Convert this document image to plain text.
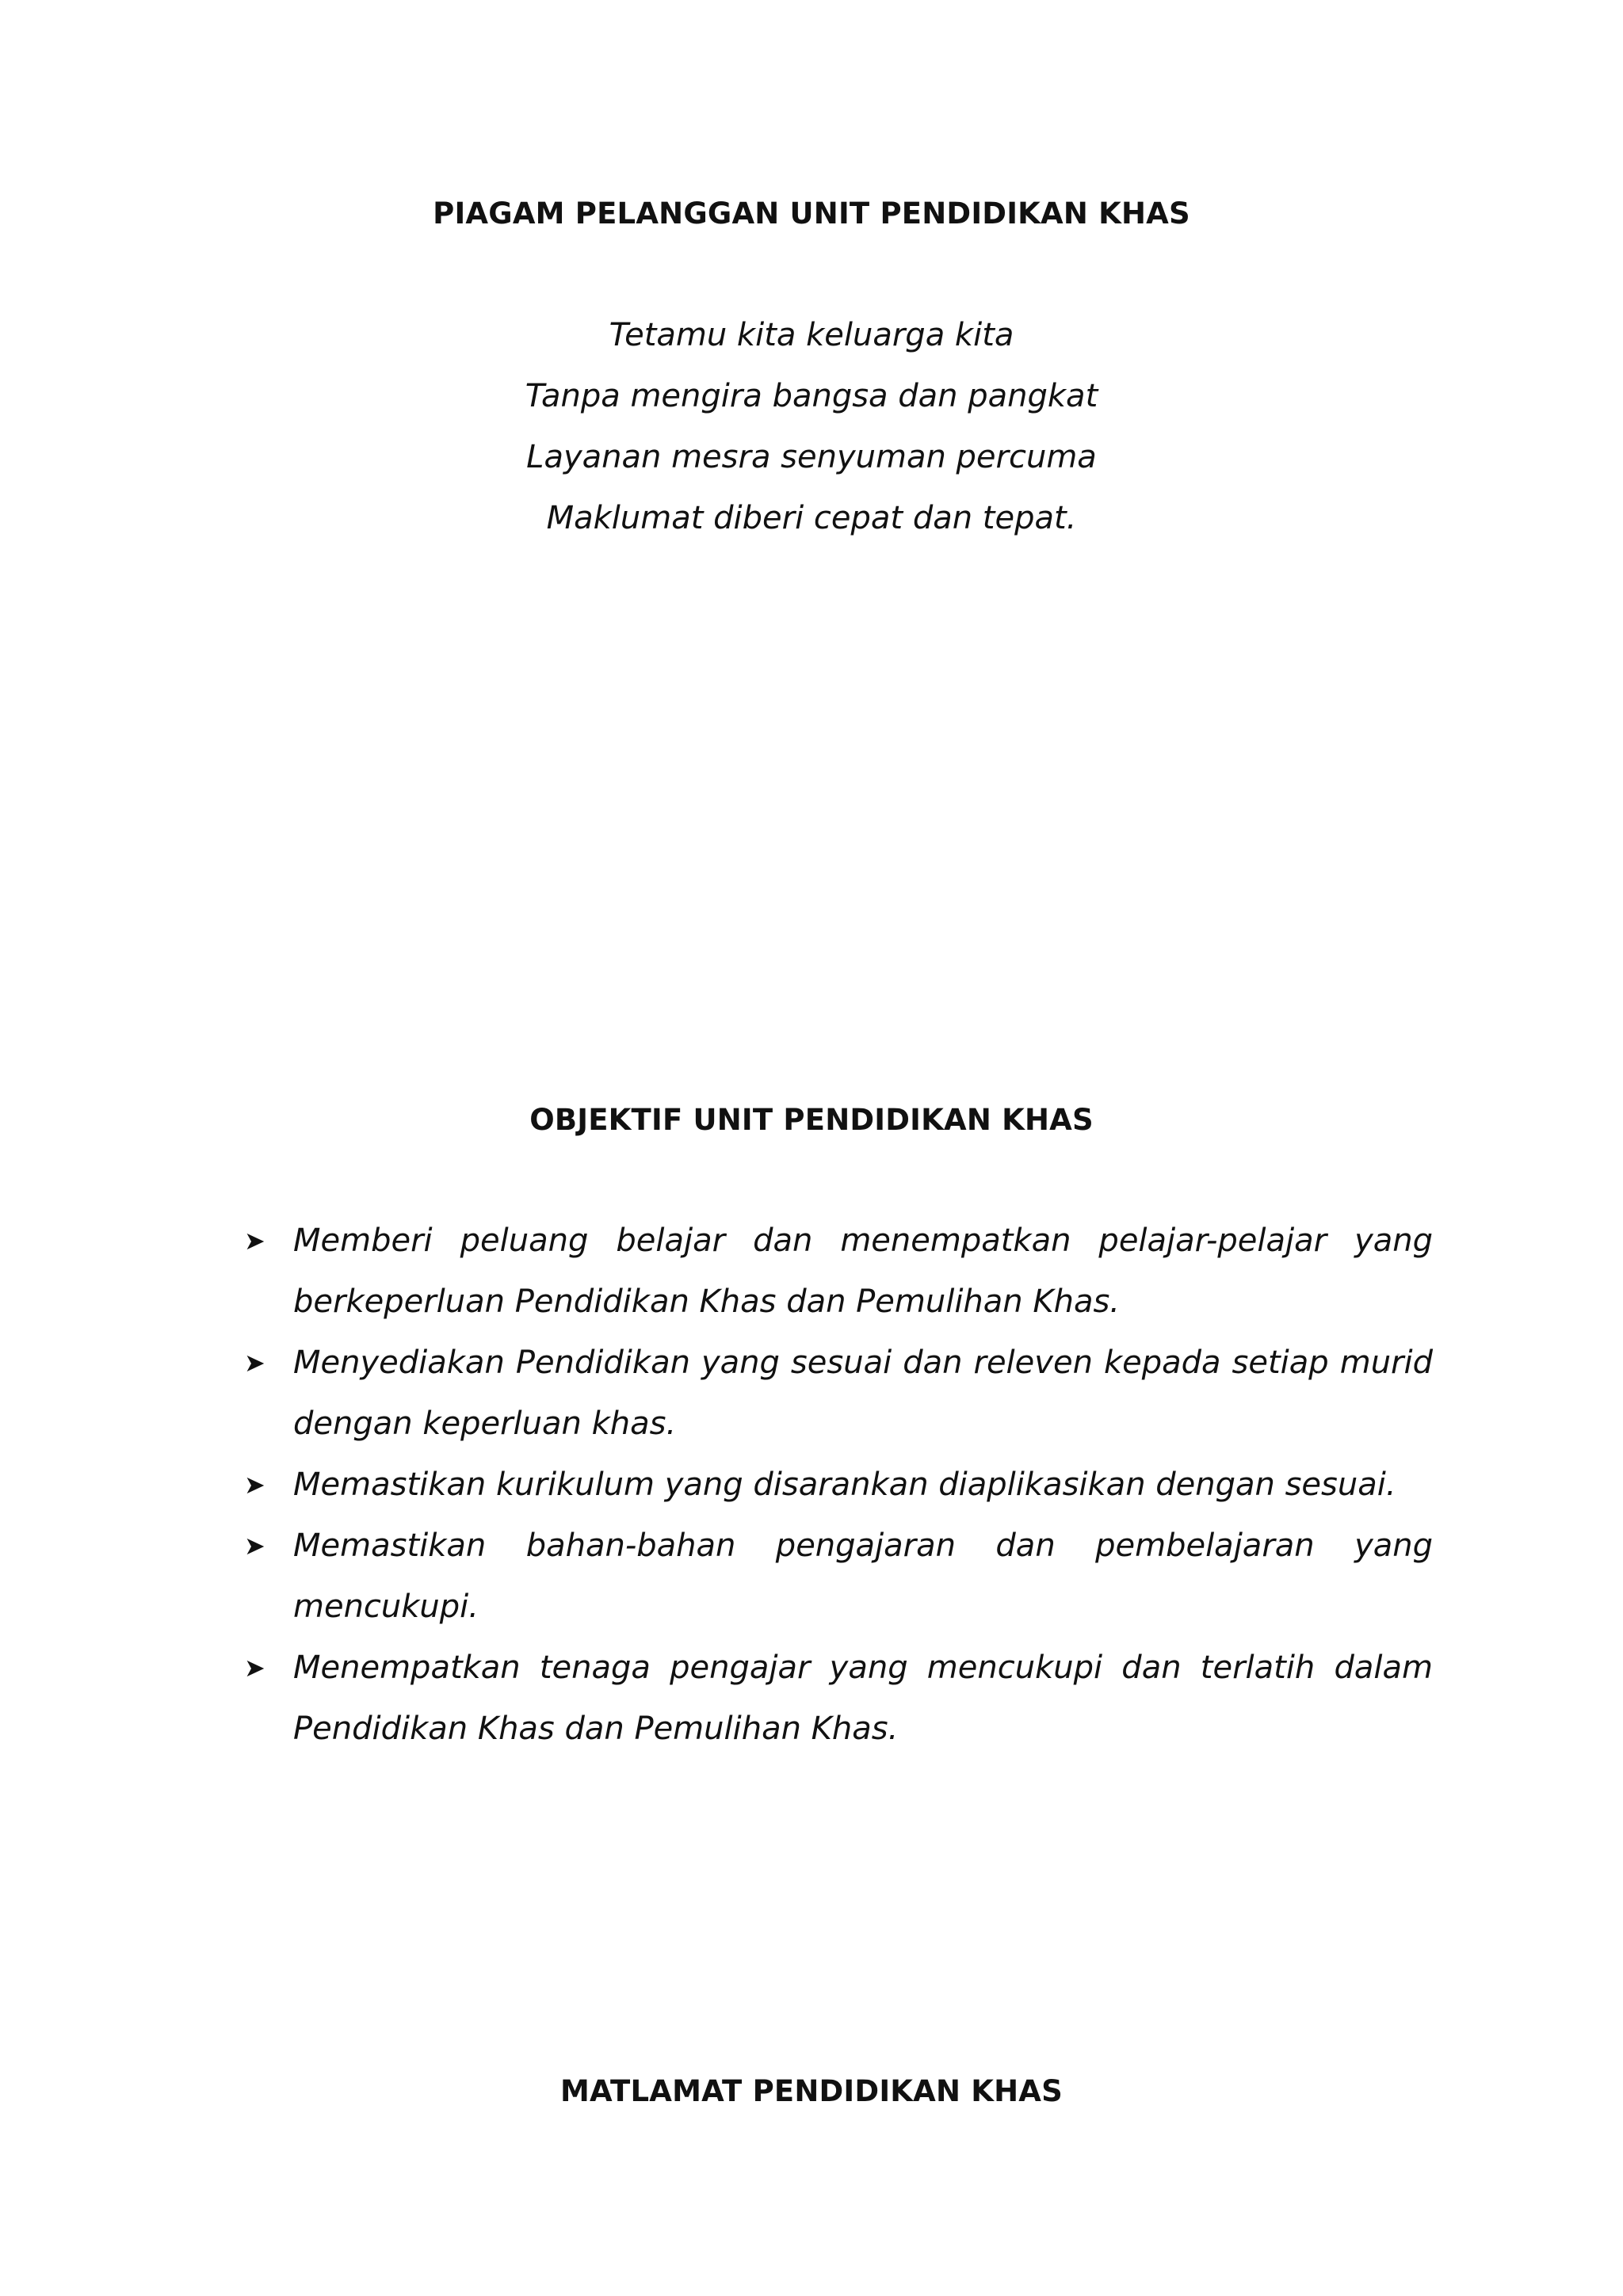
PIAGAM PELANGGAN UNIT PENDIDIKAN KHAS
Tetamu kita keluarga kita
Tanpa mengira bangsa dan pangkat
Layanan mesra senyuman percuma
Maklumat diberi cepat dan tepat.
OBJEKTIF UNIT PENDIDIKAN KHAS
➤ Memberi peluang belajar dan menempatkan pelajar-pelajar yang berkeperluan Pendidikan Khas dan Pemulihan Khas.
➤ Menyediakan Pendidikan yang sesuai dan releven kepada setiap murid dengan keperluan khas.
➤ Memastikan kurikulum yang disarankan diaplikasikan dengan sesuai.
➤ Memastikan bahan-bahan pengajaran dan pembelajaran yang mencukupi.
➤ Menempatkan tenaga pengajar yang mencukupi dan terlatih dalam Pendidikan Khas dan Pemulihan Khas.
MATLAMAT PENDIDIKAN KHAS
